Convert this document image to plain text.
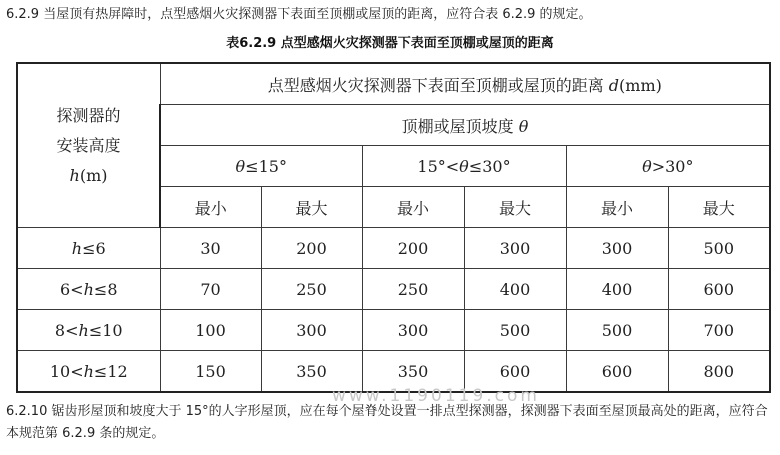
6.2.9 当屋顶有热屏障时，点型感烟火灾探测器下表面至顶棚或屋顶的距离，应符合表 6.2.9 的规定。
表6.2.9 点型感烟火灾探测器下表面至顶棚或屋顶的距离
探测器的
安装高度
h(m)	点型感烟火灾探测器下表面至顶棚或屋顶的距离 d(mm)					
	顶棚或屋顶坡度 θ					
	θ≤15°		15°<θ≤30°		θ>30°	
	最小	最大	最小	最大	最小	最大
h≤6	30	200	200	300	300	500
6<h≤8	70	250	250	400	400	600
8<h≤10	100	300	300	500	500	700
10<h≤12	150	350	350	600	600	800
www.1190119.com
6.2.10 锯齿形屋顶和坡度大于 15°的人字形屋顶，应在每个屋脊处设置一排点型探测器，探测器下表面至屋顶最高处的距离，应符合本规范第 6.2.9 条的规定。
